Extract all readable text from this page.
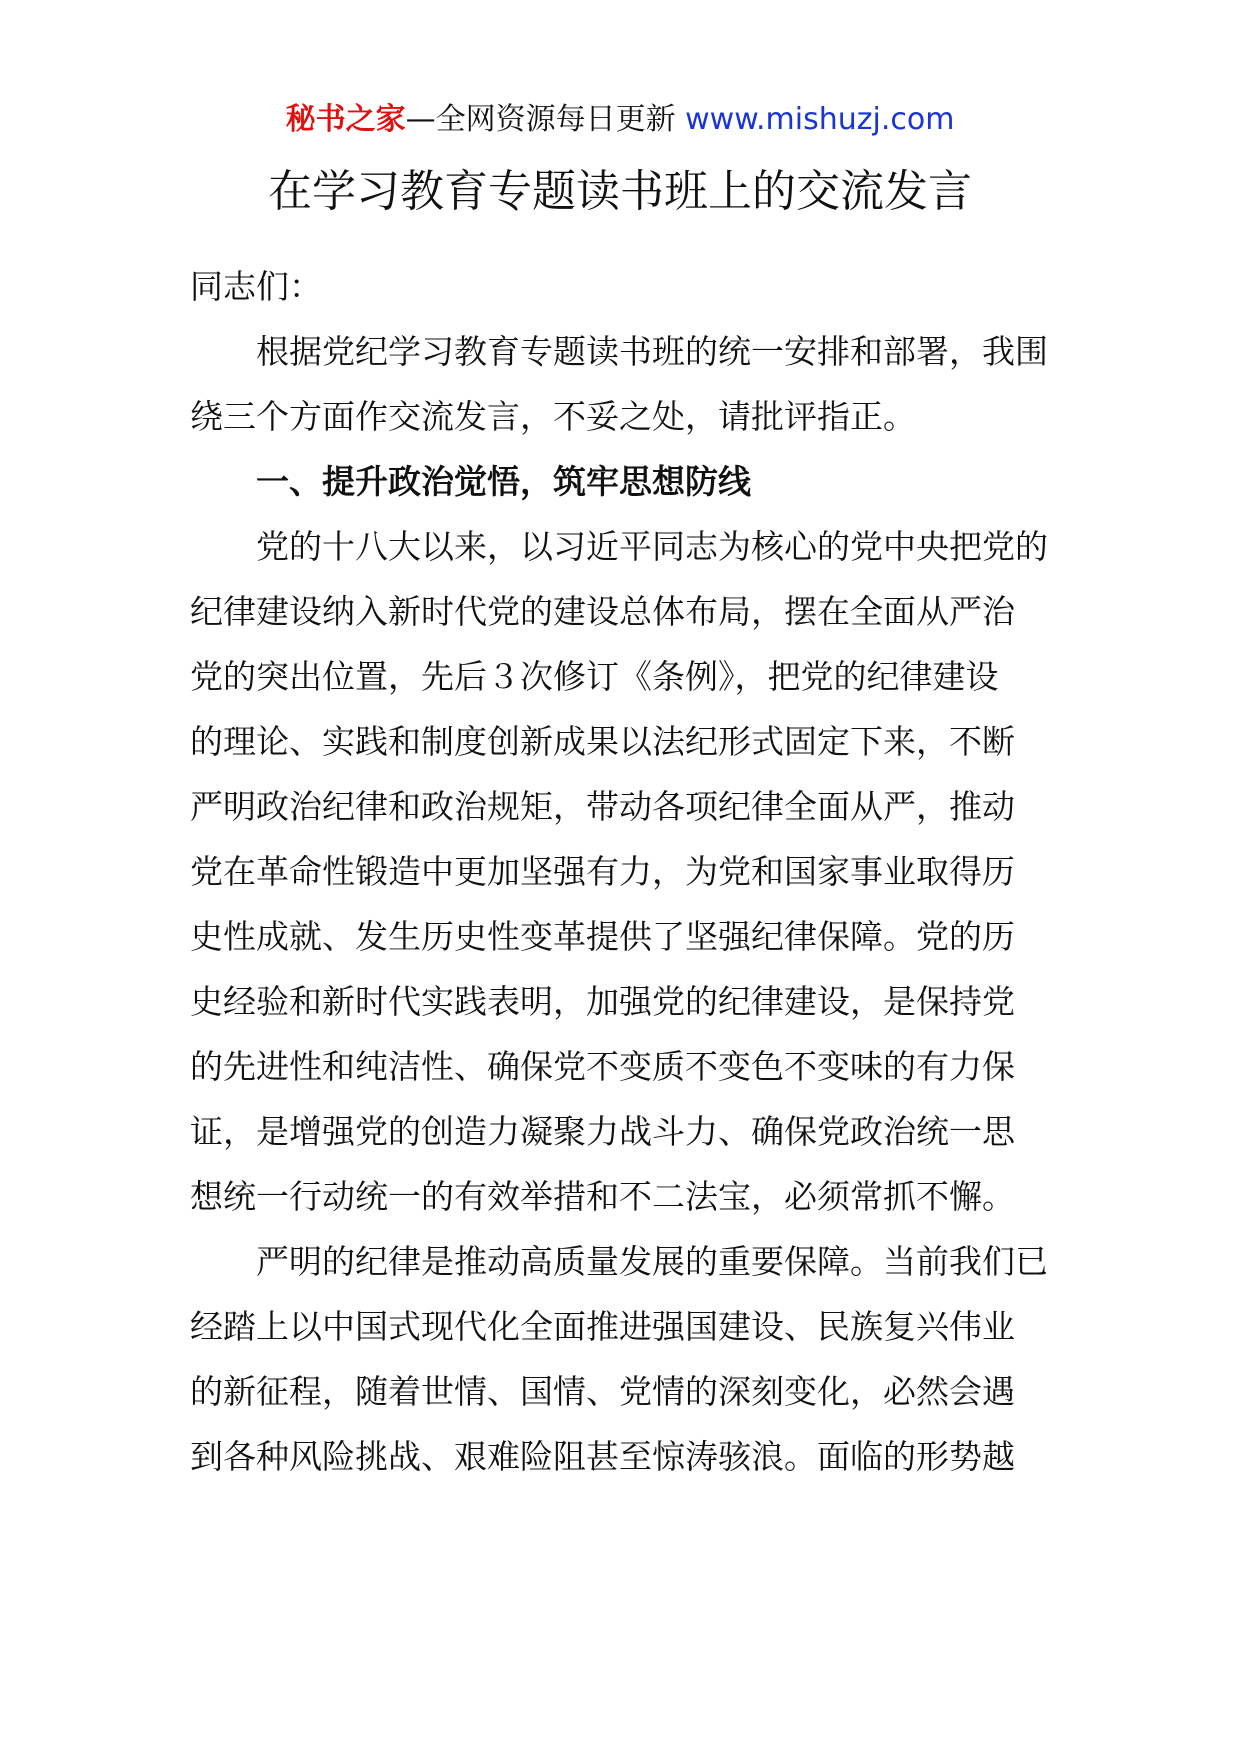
秘书之家—全网资源每日更新 www.mishuzj.com
在学习教育专题读书班上的交流发言

同志们：

根据党纪学习教育专题读书班的统一安排和部署，我围
绕三个方面作交流发言，不妥之处，请批评指正。

一、提升政治觉悟，筑牢思想防线

党的十八大以来，以习近平同志为核心的党中央把党的
纪律建设纳入新时代党的建设总体布局，摆在全面从严治
党的突出位置，先后３次修订《条例》，把党的纪律建设
的理论、实践和制度创新成果以法纪形式固定下来，不断
严明政治纪律和政治规矩，带动各项纪律全面从严，推动
党在革命性锻造中更加坚强有力，为党和国家事业取得历
史性成就、发生历史性变革提供了坚强纪律保障。党的历
史经验和新时代实践表明，加强党的纪律建设，是保持党
的先进性和纯洁性、确保党不变质不变色不变味的有力保
证，是增强党的创造力凝聚力战斗力、确保党政治统一思
想统一行动统一的有效举措和不二法宝，必须常抓不懈。

严明的纪律是推动高质量发展的重要保障。当前我们已
经踏上以中国式现代化全面推进强国建设、民族复兴伟业
的新征程，随着世情、国情、党情的深刻变化，必然会遇
到各种风险挑战、艰难险阻甚至惊涛骇浪。面临的形势越
